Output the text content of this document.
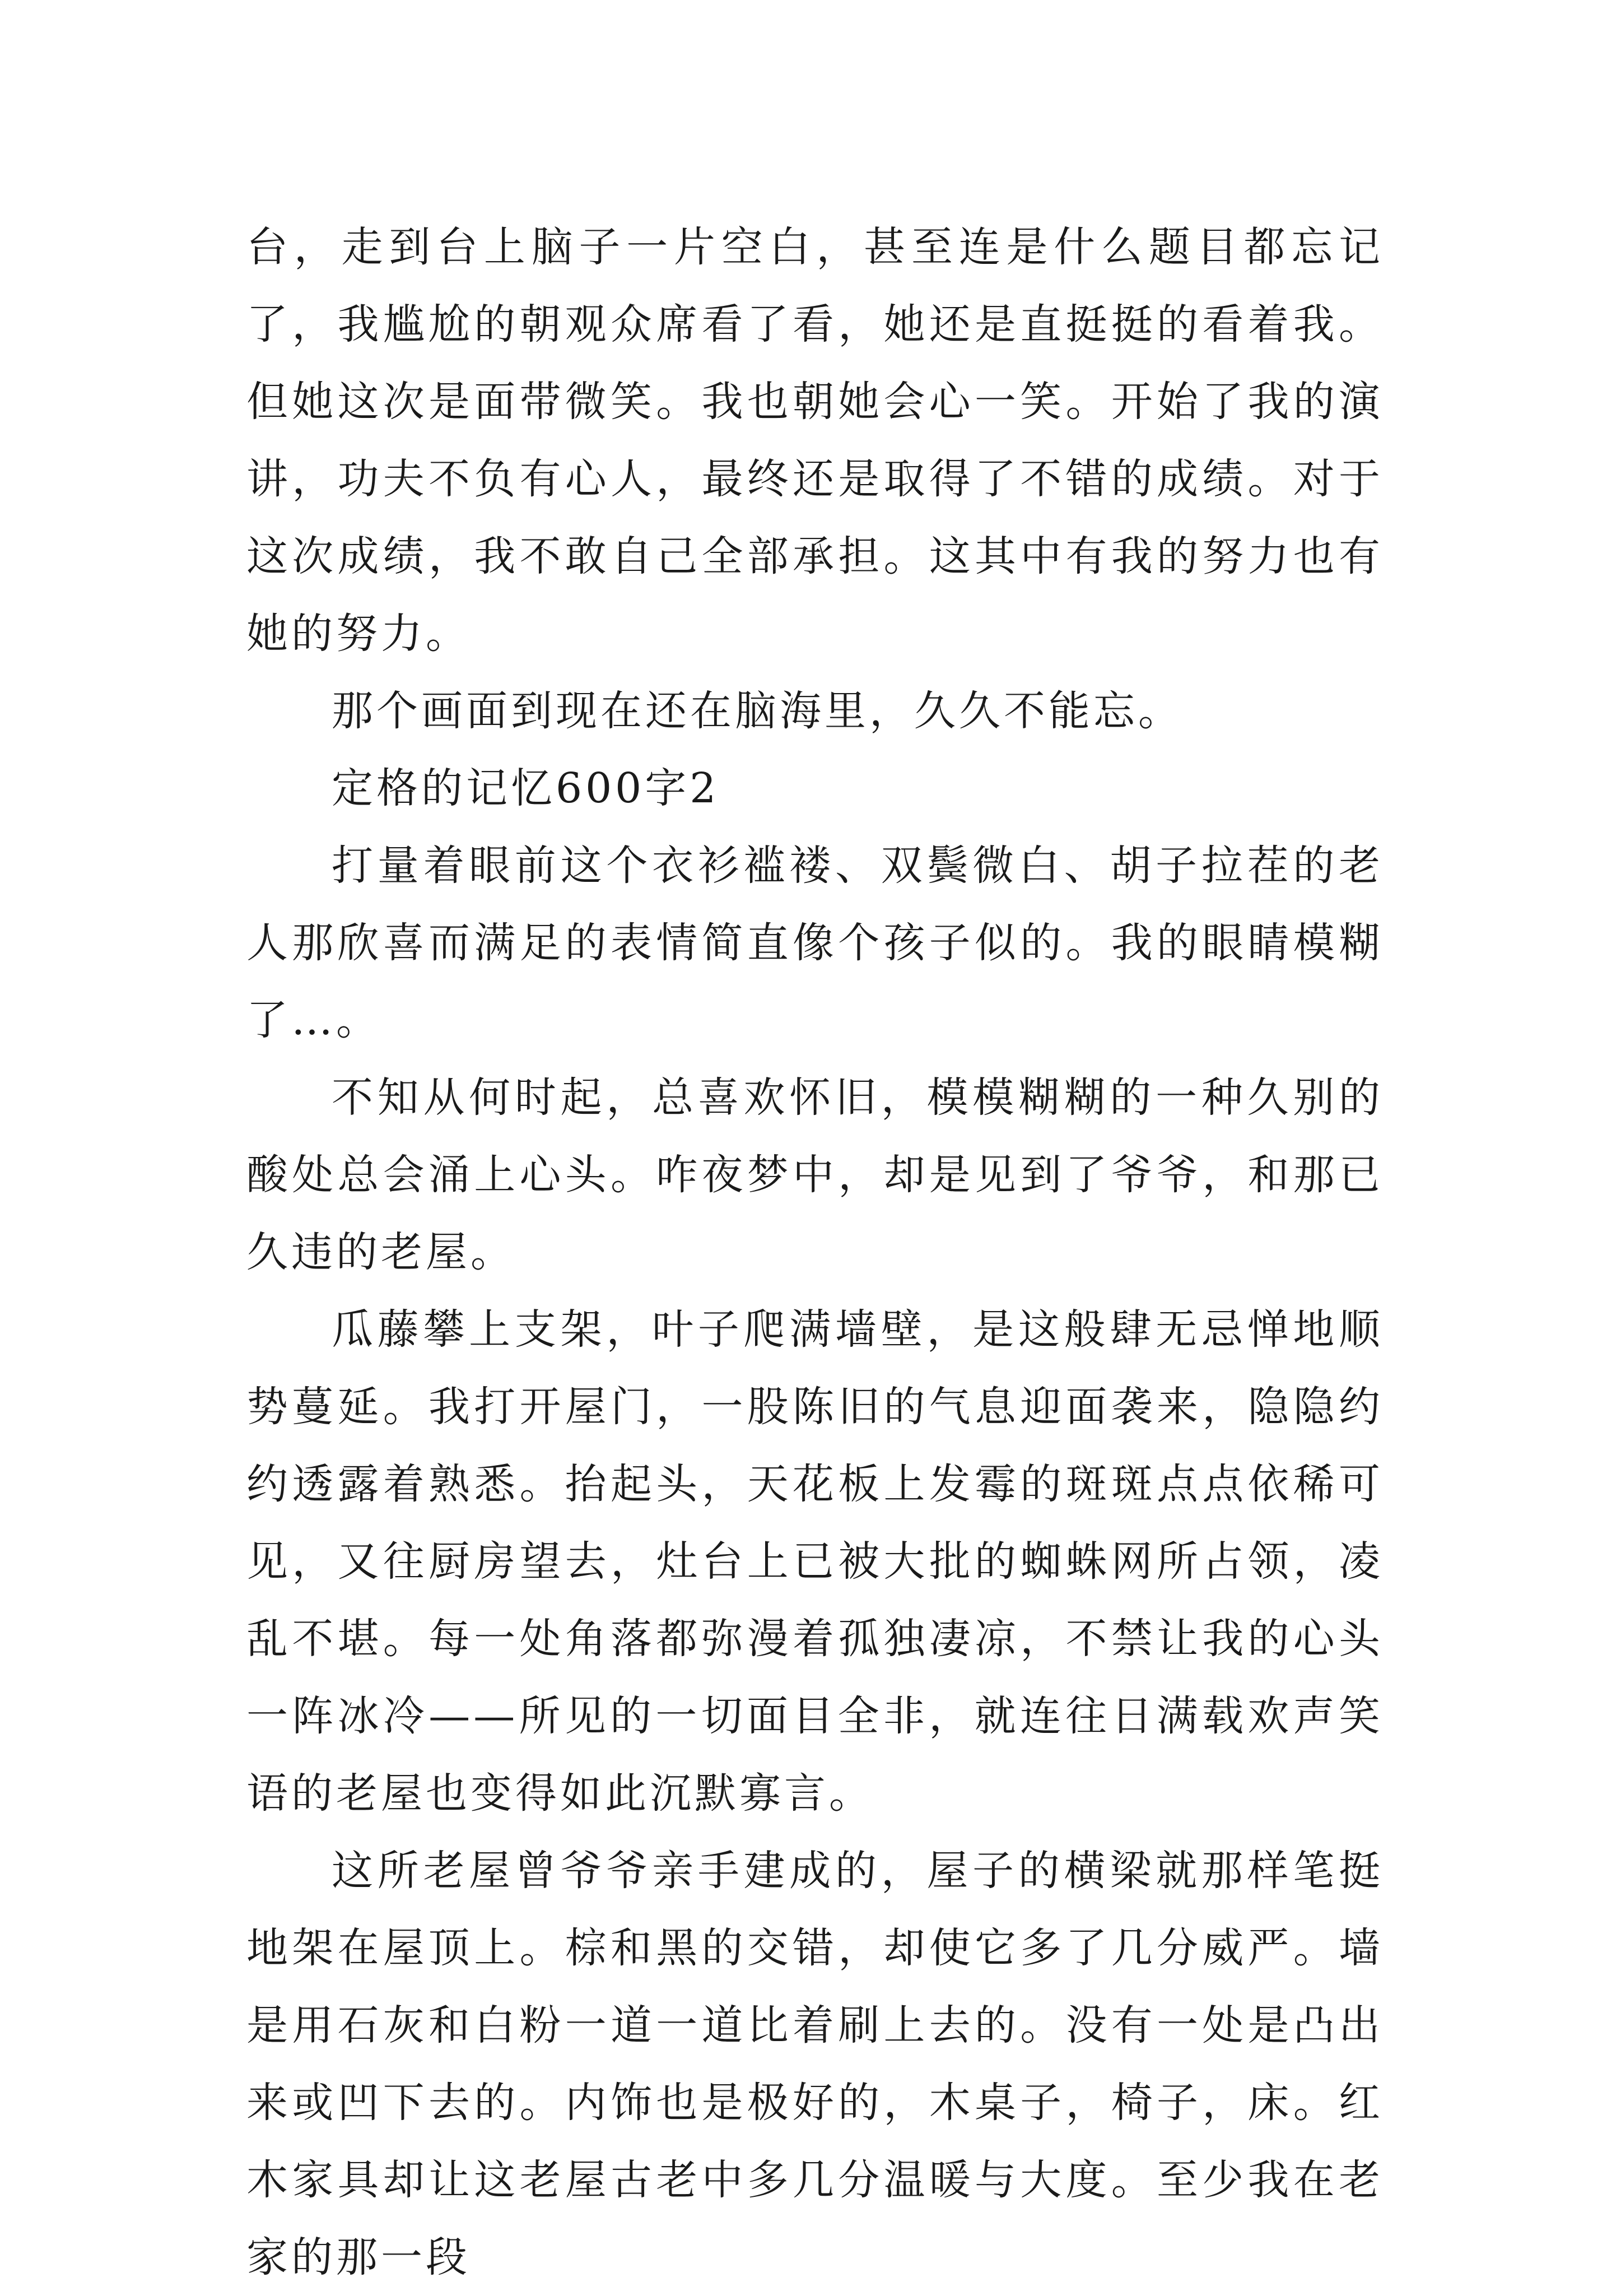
台，走到台上脑子一片空白，甚至连是什么题目都忘记了，我尴尬的朝观众席看了看，她还是直挺挺的看着我。但她这次是面带微笑。我也朝她会心一笑。开始了我的演讲，功夫不负有心人，最终还是取得了不错的成绩。对于这次成绩，我不敢自己全部承担。这其中有我的努力也有她的努力。

那个画面到现在还在脑海里，久久不能忘。

定格的记忆600字2

打量着眼前这个衣衫褴褛、双鬓微白、胡子拉茬的老人那欣喜而满足的表情简直像个孩子似的。我的眼睛模糊了…。

不知从何时起，总喜欢怀旧，模模糊糊的一种久别的酸处总会涌上心头。咋夜梦中，却是见到了爷爷，和那已久违的老屋。

瓜藤攀上支架，叶子爬满墙壁，是这般肆无忌惮地顺势蔓延。我打开屋门，一股陈旧的气息迎面袭来，隐隐约约透露着熟悉。抬起头，天花板上发霉的斑斑点点依稀可见，又往厨房望去，灶台上已被大批的蜘蛛网所占领，凌乱不堪。每一处角落都弥漫着孤独凄凉，不禁让我的心头一阵冰冷——所见的一切面目全非，就连往日满载欢声笑语的老屋也变得如此沉默寡言。

这所老屋曾爷爷亲手建成的，屋子的横梁就那样笔挺地架在屋顶上。棕和黑的交错，却使它多了几分威严。墙是用石灰和白粉一道一道比着刷上去的。没有一处是凸出来或凹下去的。内饰也是极好的，木桌子，椅子，床。红木家具却让这老屋古老中多几分温暖与大度。至少我在老家的那一段
